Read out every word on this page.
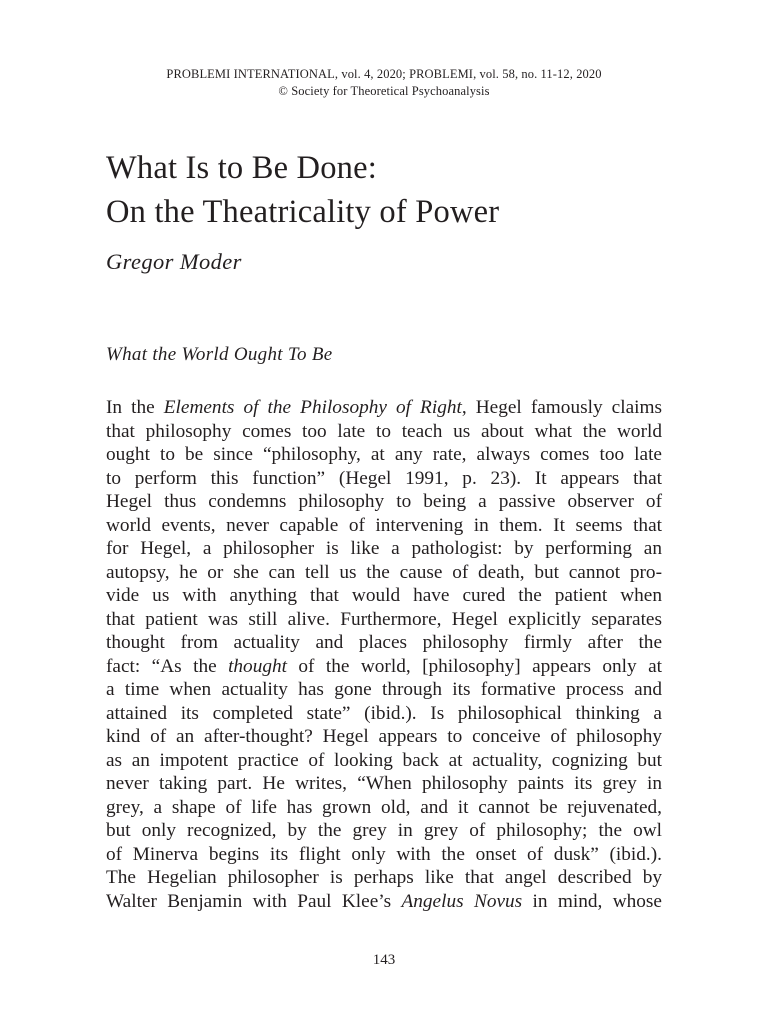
PROBLEMI INTERNATIONAL, vol. 4, 2020; PROBLEMI, vol. 58, no. 11-12, 2020
© Society for Theoretical Psychoanalysis
What Is to Be Done:
On the Theatricality of Power
Gregor Moder
What the World Ought To Be
In the Elements of the Philosophy of Right, Hegel famously claims
that philosophy comes too late to teach us about what the world
ought to be since “philosophy, at any rate, always comes too late
to perform this function” (Hegel 1991, p. 23). It appears that
Hegel thus condemns philosophy to being a passive observer of
world events, never capable of intervening in them. It seems that
for Hegel, a philosopher is like a pathologist: by performing an
autopsy, he or she can tell us the cause of death, but cannot pro-
vide us with anything that would have cured the patient when
that patient was still alive. Furthermore, Hegel explicitly separates
thought from actuality and places philosophy firmly after the
fact: “As the thought of the world, [philosophy] appears only at
a time when actuality has gone through its formative process and
attained its completed state” (ibid.). Is philosophical thinking a
kind of an after-thought? Hegel appears to conceive of philosophy
as an impotent practice of looking back at actuality, cognizing but
never taking part. He writes, “When philosophy paints its grey in
grey, a shape of life has grown old, and it cannot be rejuvenated,
but only recognized, by the grey in grey of philosophy; the owl
of Minerva begins its flight only with the onset of dusk” (ibid.).
The Hegelian philosopher is perhaps like that angel described by
Walter Benjamin with Paul Klee’s Angelus Novus in mind, whose
143
